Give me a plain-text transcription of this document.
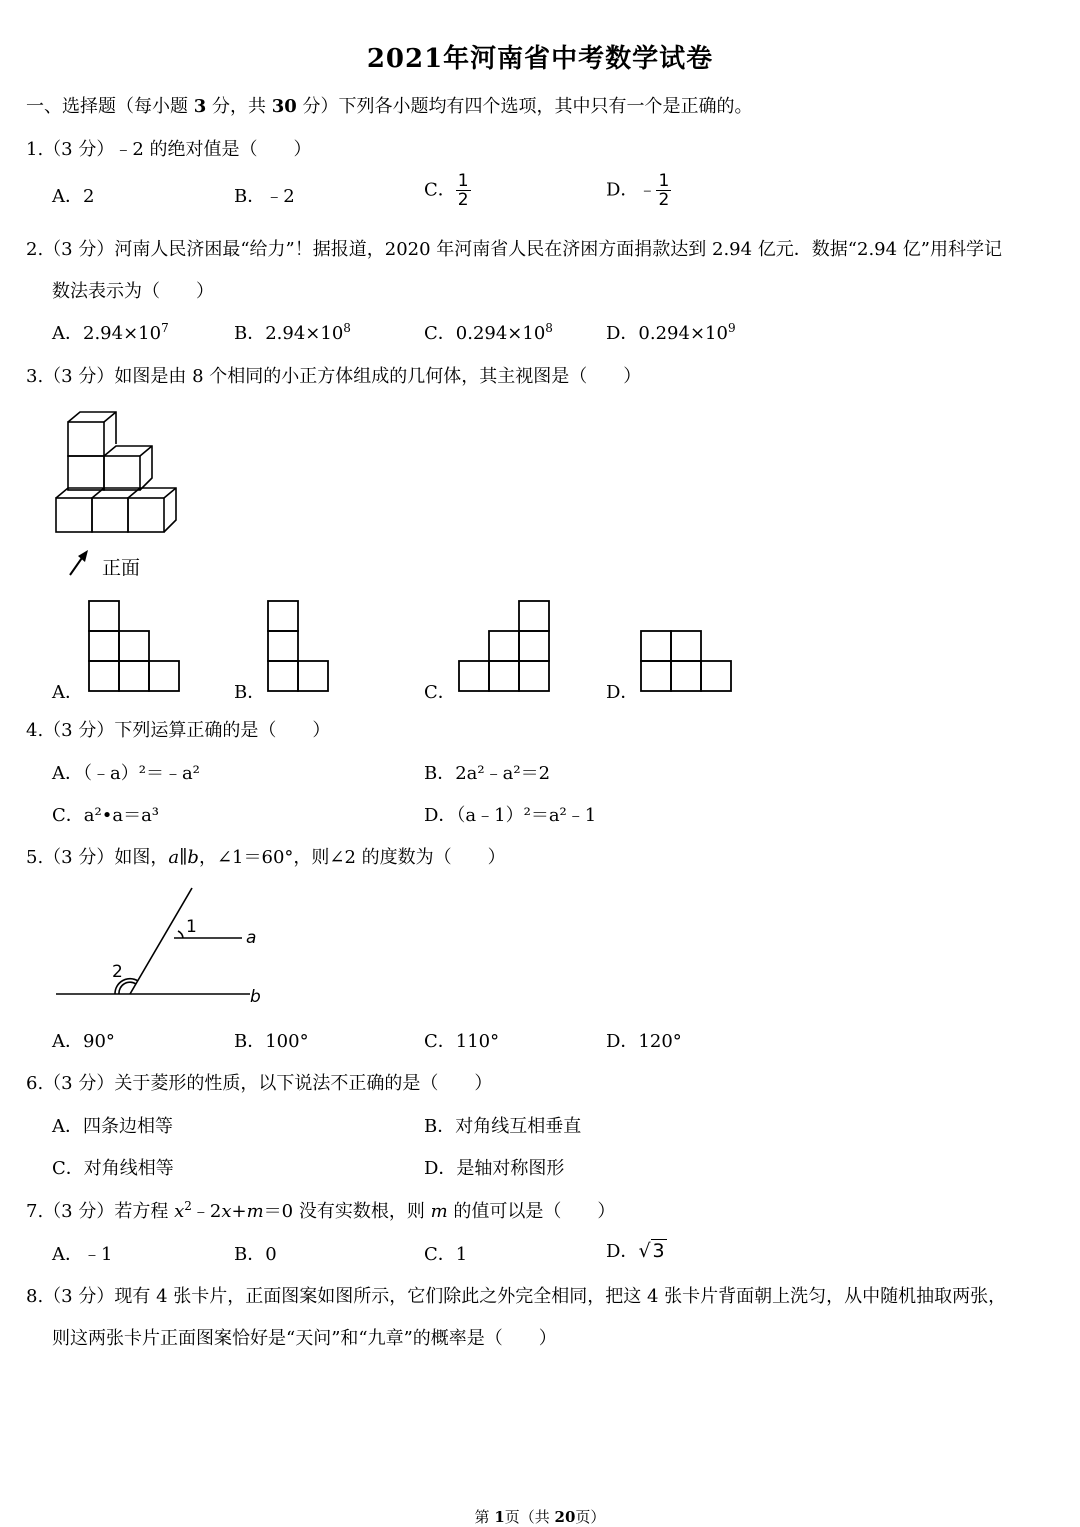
2021年河南省中考数学试卷
一、选择题（每小题 3 分，共 30 分）下列各小题均有四个选项，其中只有一个是正确的。
1.（3 分）﹣2 的绝对值是（　　）
A．2	B．﹣2	C． $\frac{1}{2}$	D．﹣ $\frac{1}{2}$
2.（3 分）河南人民济困最“给力”！据报道，2020 年河南省人民在济困方面捐款达到 2.94 亿元．数据“2.94 亿”用科学记
数法表示为（　　）
A．$2.94\times 10^7$	B．$2.94\times 10^8$	C．$0.294\times 10^8$	D．$0.294\times 10^9$
3.（3 分）如图是由 8 个相同的小正方体组成的几何体，其主视图是（　　）
正面
A．	B．	C．	D．
4.（3 分）下列运算正确的是（　　）
A．（﹣a）²＝﹣a²	B．2a²﹣a²＝2
C．a²•a＝a³	D．（a﹣1）²＝a²﹣1
5.（3 分）如图，a∥b，∠1＝60°，则∠2 的度数为（　　）
1
2
a
b
A．90°	B．100°	C．110°	D．120°
6.（3 分）关于菱形的性质，以下说法不正确的是（　　）
A．四条边相等	B．对角线互相垂直
C．对角线相等	D．是轴对称图形
7.（3 分）若方程 $x^2﹣2x+m=0$ 没有实数根，则 m 的值可以是（　　）
A．﹣1	B．0	C．1	D．√ 3
8.（3 分）现有 4 张卡片，正面图案如图所示，它们除此之外完全相同，把这 4 张卡片背面朝上洗匀，从中随机抽取两张，
则这两张卡片正面图案恰好是“天问”和“九章”的概率是（　　）
第 1页（共 20页）
